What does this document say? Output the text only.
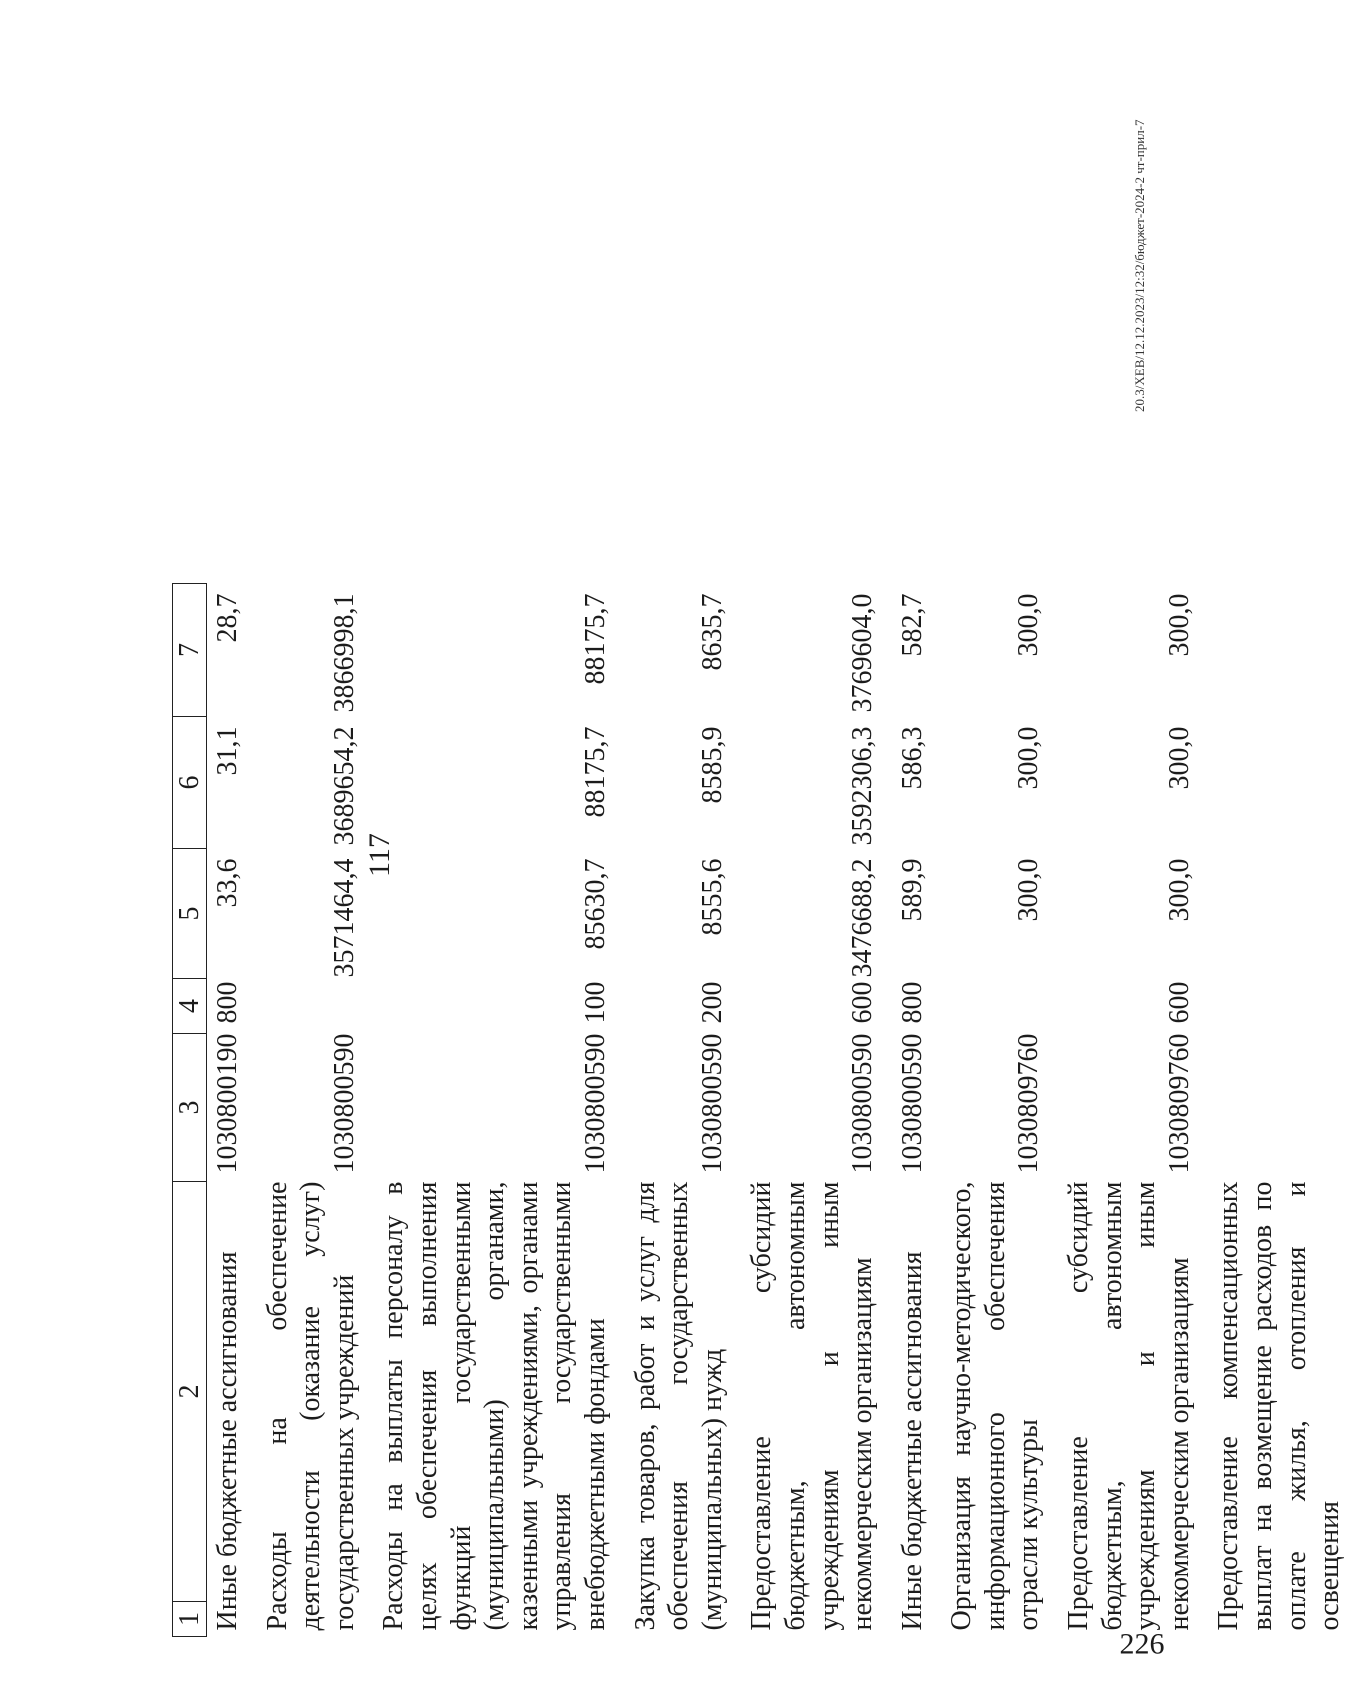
117
1	2	3	4	5	6	7
Иные бюджетные ассигнования		1030800190	800	33,6	31,1	28,7
Расходы на обеспечение деятельности (оказание услуг) государственных учреждений		1030800590		3571464,4	3689654,2	3866998,1
Расходы на выплаты персоналу в целях обеспечения выполнения функций государственными (муниципальными) органами, казенными учреждениями, органами управления государственными внебюджетными фондами		1030800590	100	85630,7	88175,7	88175,7
Закупка товаров, работ и услуг для обеспечения государственных (муниципальных) нужд		1030800590	200	8555,6	8585,9	8635,7
Предоставление субсидий бюджетным, автономным учреждениям и иным некоммерческим организациям		1030800590	600	3476688,2	3592306,3	3769604,0
Иные бюджетные ассигнования		1030800590	800	589,9	586,3	582,7
Организация научно-методического, информационного обеспечения отрасли культуры		1030809760		300,0	300,0	300,0
Предоставление субсидий бюджетным, автономным учреждениям и иным некоммерческим организациям		1030809760	600	300,0	300,0	300,0
Предоставление компенсационных выплат на возмещение расходов по оплате жилья, отопления и освещения						
226
20.3/ХЕВ/12.12.2023/12:32/бюджет-2024-2 чт-прил-7
